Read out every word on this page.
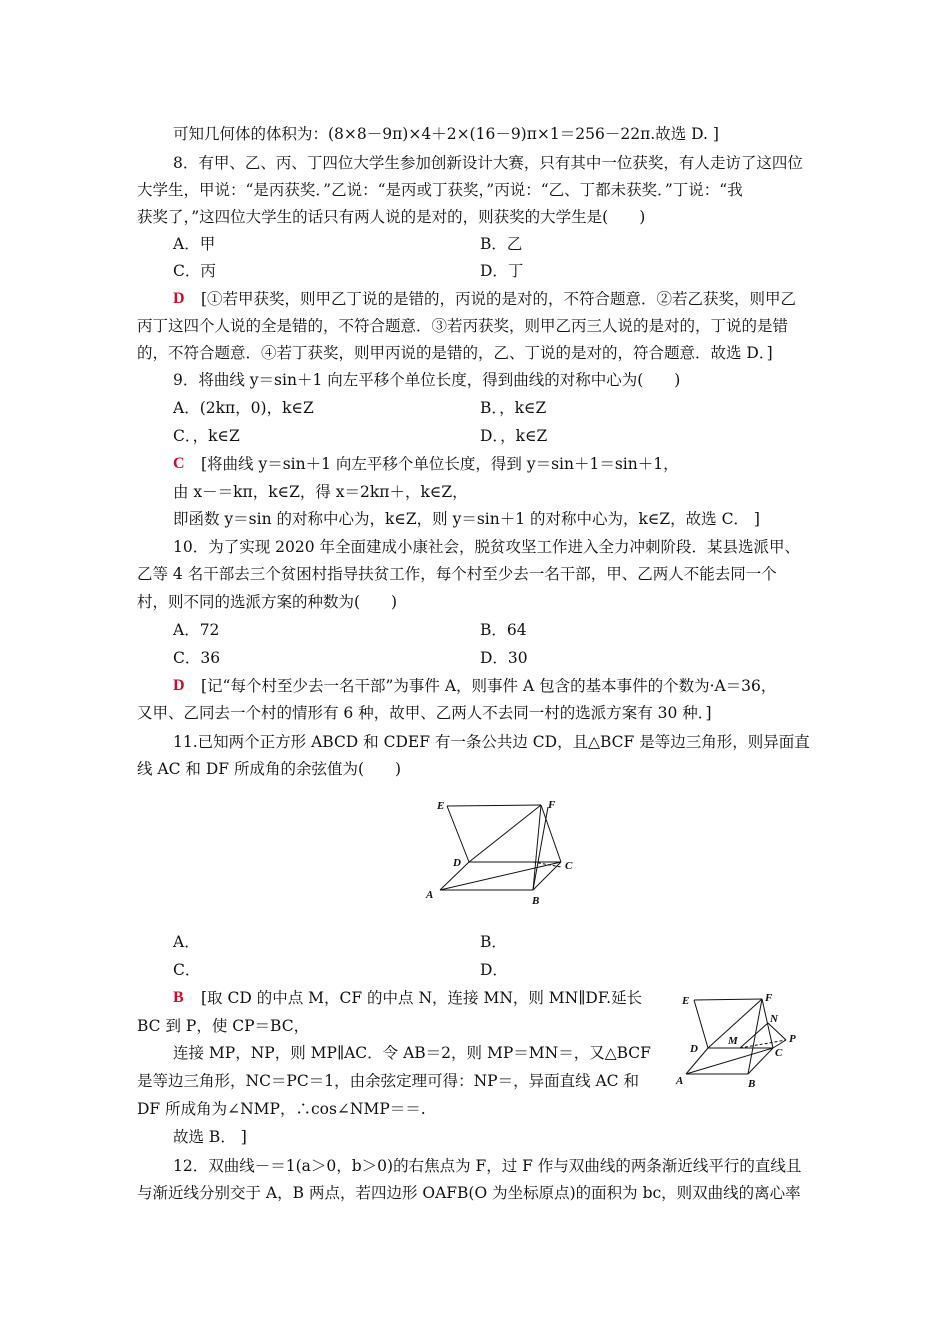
可知几何体的体积为：(8×8－9π)×4＋2×(16－9)π×1＝256－22π.故选 D. ]
8．有甲、乙、丙、丁四位大学生参加创新设计大赛，只有其中一位获奖，有人走访了这四位
大学生，甲说：“是丙获奖．”乙说：“是丙或丁获奖，”丙说：“乙、丁都未获奖．”丁说：“我
获奖了，”这四位大学生的话只有两人说的是对的，则获奖的大学生是(　　)
A．甲	B．乙
C．丙	D．丁
D [①若甲获奖，则甲乙丁说的是错的，丙说的是对的，不符合题意．②若乙获奖，则甲乙
丙丁这四个人说的全是错的，不符合题意．③若丙获奖，则甲乙丙三人说的是对的，丁说的是错
的，不符合题意．④若丁获奖，则甲丙说的是错的，乙、丁说的是对的，符合题意．故选 D．]
9．将曲线 y＝sin＋1 向左平移个单位长度，得到曲线的对称中心为(　　)
A．(2kπ，0)，k∈Z	B．，k∈Z
C．，k∈Z	D．，k∈Z
C [将曲线 y＝sin＋1 向左平移个单位长度，得到 y＝sin＋1＝sin＋1，
由 x－＝kπ，k∈Z，得 x＝2kπ＋，k∈Z，
即函数 y＝sin 的对称中心为，k∈Z，则 y＝sin＋1 的对称中心为，k∈Z，故选 C． ]
10．为了实现 2020 年全面建成小康社会，脱贫攻坚工作进入全力冲刺阶段．某县选派甲、
乙等 4 名干部去三个贫困村指导扶贫工作，每个村至少去一名干部，甲、乙两人不能去同一个
村，则不同的选派方案的种数为(　　)
A．72	B．64
C．36	D．30
D [记“每个村至少去一名干部”为事件 A，则事件 A 包含的基本事件的个数为·A＝36，
又甲、乙同去一个村的情形有 6 种，故甲、乙两人不去同一村的选派方案有 30 种．]
11.已知两个正方形 ABCD 和 CDEF 有一条公共边 CD，且△BCF 是等边三角形，则异面直
线 AC 和 DF 所成角的余弦值为(　　)
E	F
D	C
A	B
A．	B．
C．	D．
B [取 CD 的中点 M，CF 的中点 N，连接 MN，则 MN∥DF.延长
BC 到 P，使 CP＝BC，
连接 MP，NP，则 MP∥AC．令 AB＝2，则 MP＝MN＝，又△BCF
是等边三角形，NC＝PC＝1，由余弦定理可得：NP＝，异面直线 AC 和
DF 所成角为∠NMP，∴cos∠NMP＝＝.
故选 B． ]
E	F
N
P
D
M
C
A	B
12．双曲线－＝1(a＞0，b＞0)的右焦点为 F，过 F 作与双曲线的两条渐近线平行的直线且
与渐近线分别交于 A，B 两点，若四边形 OAFB(O 为坐标原点)的面积为 bc，则双曲线的离心率
